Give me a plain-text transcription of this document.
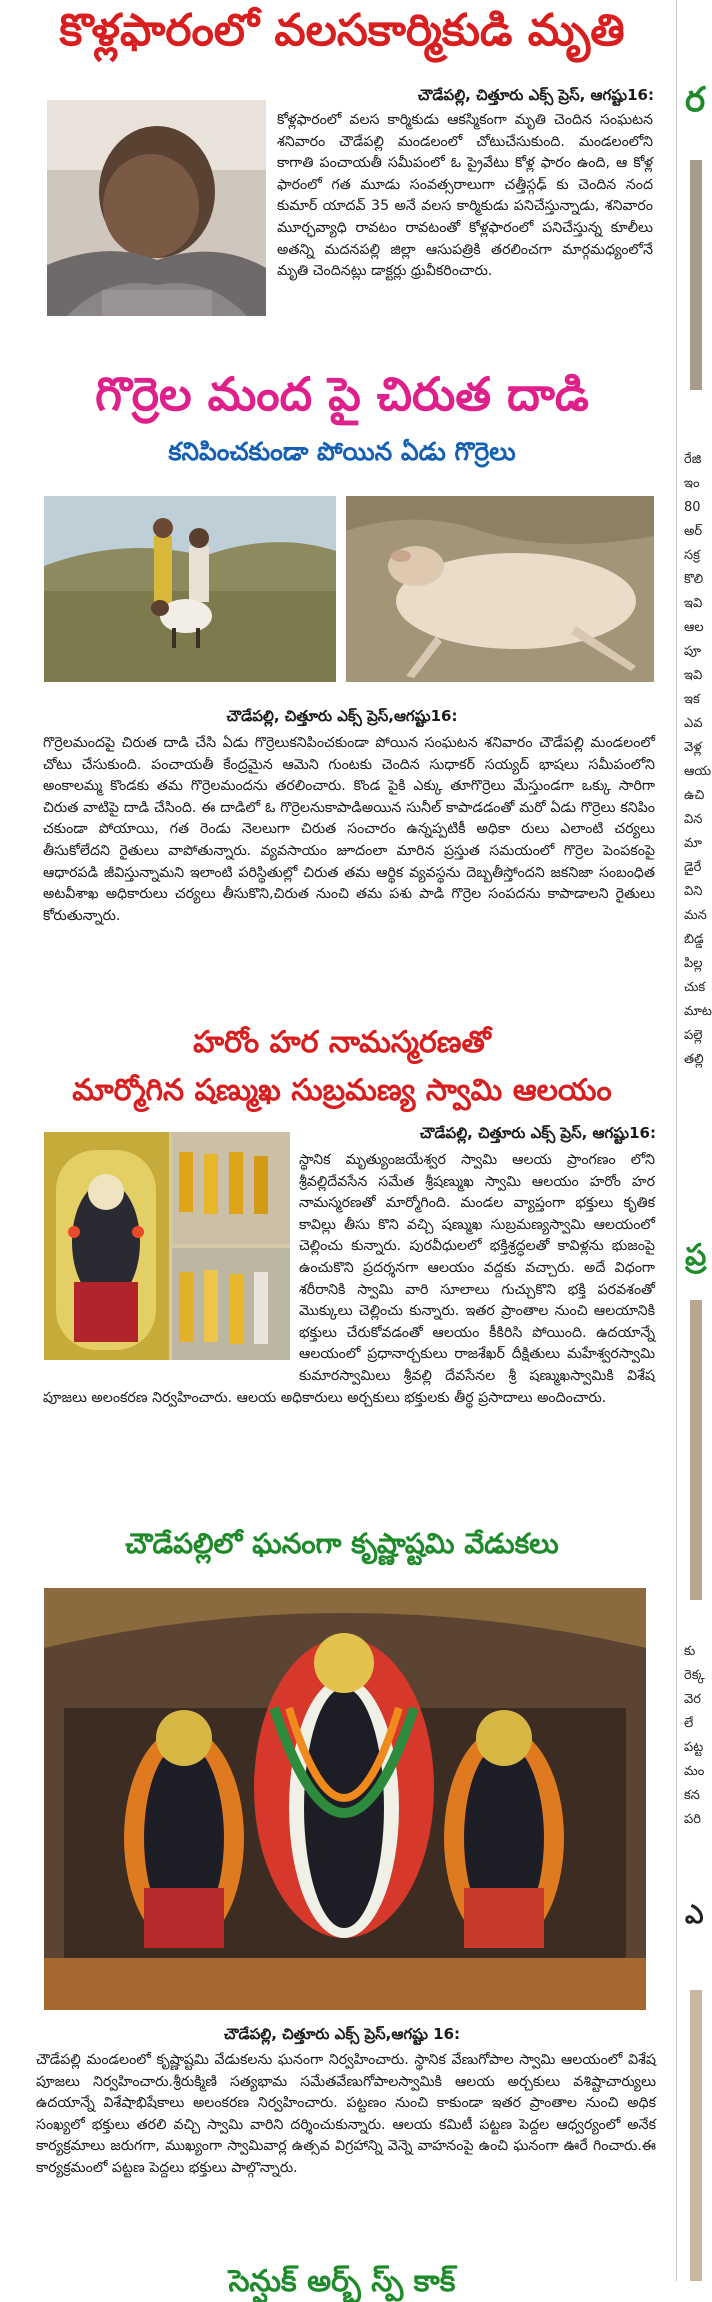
కొళ్లఫారంలో వలసకార్మికుడి మృతి
చౌడేపల్లి, చిత్తూరు ఎక్స్ ప్రెస్, ఆగష్టు16:

కోళ్లఫారంలో వలస కార్మికుడు ఆకస్మికంగా మృతి చెందిన సంఘటన శనివారం చౌడేపల్లి మండలంలో చోటుచేసుకుంది. మండలంలోని కాగాతి పంచాయతీ సమీపంలో ఓ ప్రైవేటు కోళ్ల ఫారం ఉంది, ఆ కోళ్ల ఫారంలో గత మూడు సంవత్సరాలుగా చత్తీస్గఢ్ కు చెందిన నంద కుమార్ యాదవ్ 35 అనే వలస కార్మికుడు పనిచేస్తున్నాడు, శనివారం మూర్ఛవ్యాధి రావటం రావటంతో కోళ్లఫారంలో పనిచేస్తున్న కూలీలు అతన్ని మదనపల్లి జిల్లా ఆసుపత్రికి తరలించగా మార్గమధ్యంలోనే మృతి చెందినట్లు డాక్టర్లు ధ్రువీకరించారు.

గొర్రెల మంద పై చిరుత దాడి
కనిపించకుండా పోయిన ఏడు గొర్రెలు
చౌడేపల్లి, చిత్తూరు ఎక్స్ ప్రెస్,ఆగష్టు16:

గొర్రెలమందపై చిరుత దాడి చేసి ఏడు గొర్రెలుకనిపించకుండా పోయిన సంఘటన శనివారం చౌడేపల్లి మండలంలో చోటు చేసుకుంది. పంచాయతీ కేంద్రమైన ఆమెని గుంటకు చెందిన సుధాకర్ సయ్యద్ భాషలు సమీపంలోని అంకాలమ్మ కొండకు తమ గొర్రెలమందను తరలించారు. కొండ పైకి ఎక్కు తూగొర్రెలు మేస్తుండగా ఒక్కు సారిగా చిరుత వాటిపై దాడి చేసింది. ఈ దాడిలో ఓ గొర్రెలనుకాపాడిఅయిన సునీల్ కాపాడడంతో మరో ఏడు గొర్రెలు కనిపిం చకుండా పోయాయి, గత రెండు నెలలుగా చిరుత సంచారం ఉన్నప్పటికీ అధికా రులు ఎలాంటి చర్యలు తీసుకోలేదని రైతులు వాపోతున్నారు. వ్యవసాయం జూదంలా మారిన ప్రస్తుత సమయంలో గొర్రెల పెంపకంపై ఆధారపడి జీవిస్తున్నామని ఇలాంటి పరిస్థితుల్లో చిరుత తమ ఆర్థిక వ్యవస్థను దెబ్బతీస్తోందని జకనిజా సంబంధిత అటవీశాఖ అధికారులు చర్యలు తీసుకొని,చిరుత నుంచి తమ పశు పాడి గొర్రెల సంపదను కాపాడాలని రైతులు కోరుతున్నారు.

హరోం హర నామస్మరణతో
మార్మోగిన షణ్ముఖ సుబ్రమణ్య స్వామి ఆలయం
చౌడేపల్లి, చిత్తూరు ఎక్స్ ప్రెస్, ఆగష్టు16:

స్థానిక మృత్యుంజయేశ్వర స్వామి ఆలయ ప్రాంగణం లోని శ్రీవల్లిదేవసేన సమేత శ్రీషణ్ముఖ స్వామి ఆలయం హరోం హర నామస్మరణతో మార్మోగింది. మండల వ్యాప్తంగా భక్తులు కృతిక కావిల్లు తీసు కొని వచ్చి షణ్ముఖ సుబ్రమణ్యస్వామి ఆలయంలో చెల్లించు కున్నారు. పురవీధులలో భక్తిశ్రద్ధలతో కావిళ్లను భుజంపై ఉంచుకొని ప్రదర్శనగా ఆలయం వద్దకు వచ్చారు. అదే విధంగా శరీరానికి స్వామి వారి సూలాలు గుచ్చుకొని భక్తి పరవశంతో మొక్కులు చెల్లించు కున్నారు. ఇతర ప్రాంతాల నుంచి ఆలయానికి భక్తులు చేరుకోవడంతో ఆలయం కీకిరిసి పోయింది. ఉదయాన్నే ఆలయంలో ప్రధానార్చకులు రాజశేఖర్ దీక్షితులు మహేశ్వరస్వామి కుమారస్వామిలు శ్రీవల్లి దేవసేనల శ్రీ షణ్ముఖస్వామికి విశేష పూజలు అలంకరణ నిర్వహించారు. ఆలయ అధికారులు అర్చకులు భక్తులకు తీర్థ ప్రసాదాలు అందించారు.

చౌడేపల్లిలో ఘనంగా కృష్ణాష్టమి వేడుకలు
చౌడేపల్లి, చిత్తూరు ఎక్స్ ప్రెస్,ఆగష్టు 16:

చౌడేపల్లి మండలంలో కృష్ణాష్టమి వేడుకలను ఘనంగా నిర్వహించారు. స్థానిక వేణుగోపాల స్వామి ఆలయంలో విశేష పూజలు నిర్వహించారు.శ్రీరుక్మిణి సత్యభామ సమేతవేణుగోపాలస్వామికి ఆలయ అర్చకులు వశిష్టాచార్యులు ఉదయాన్నే విశేషాభిషేకాలు అలంకరణ నిర్వహించారు. పట్టణం నుంచి కాకుండా ఇతర ప్రాంతాల నుంచి అధిక సంఖ్యలో భక్తులు తరలి వచ్చి స్వామి వారిని దర్శించుకున్నారు. ఆలయ కమిటీ పట్టణ పెద్దల ఆధ్వర్యంలో అనేక కార్యక్రమాలు జరుగగా, ముఖ్యంగా స్వామివార్ల ఉత్సవ విగ్రహాన్ని వెన్నె వాహనంపై ఉంచి ఘనంగా ఊరే గించారు.ఈ కార్యక్రమంలో పట్టణ పెద్దలు భక్తులు పాల్గొన్నారు.

సెన్షుక్ అర్భ్ స్ప్ కాక్
ర
రేజి
ఇం
80
అర్
సక్ర
కొలి
ఇవి
ఆల
పూ
ఇవి
ఇక
ఎవ
వెళ్ల
ఆయ
ఉచి
విన
మా
డైరే
విని
మన
బిడ్డ
పిల్ల
చుక
మాట
పల్లె
తల్లి
ప్ర
కు
రెక్క
వెర
లే
పట్ట
మం
కన
పరి
ఎ
